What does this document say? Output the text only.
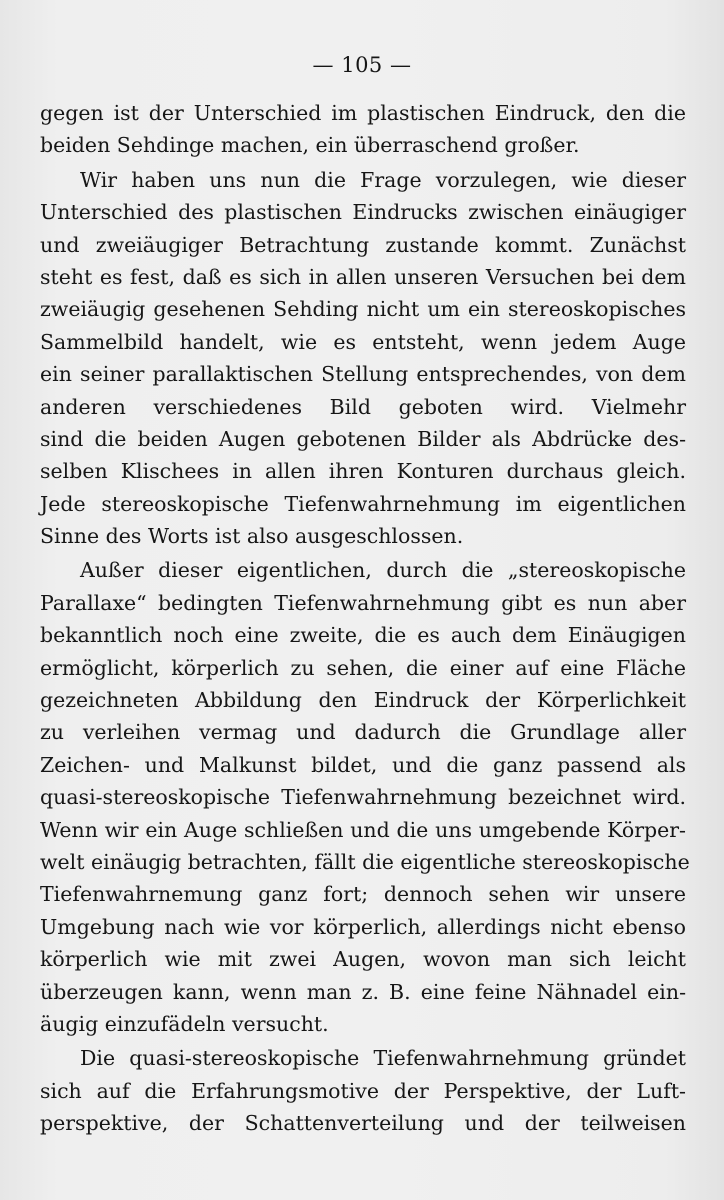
— 105 —
gegen ist der Unterschied im plastischen Eindruck, den die
beiden Sehdinge machen, ein überraschend großer.
Wir haben uns nun die Frage vorzulegen, wie dieser
Unterschied des plastischen Eindrucks zwischen einäugiger
und zweiäugiger Betrachtung zustande kommt. Zunächst
steht es fest, daß es sich in allen unseren Versuchen bei dem
zweiäugig gesehenen Sehding nicht um ein stereoskopisches
Sammelbild handelt, wie es entsteht, wenn jedem Auge
ein seiner parallaktischen Stellung entsprechendes, von dem
anderen verschiedenes Bild geboten wird. Vielmehr
sind die beiden Augen gebotenen Bilder als Abdrücke des-
selben Klischees in allen ihren Konturen durchaus gleich.
Jede stereoskopische Tiefenwahrnehmung im eigentlichen
Sinne des Worts ist also ausgeschlossen.
Außer dieser eigentlichen, durch die „stereoskopische
Parallaxe“ bedingten Tiefenwahrnehmung gibt es nun aber
bekanntlich noch eine zweite, die es auch dem Einäugigen
ermöglicht, körperlich zu sehen, die einer auf eine Fläche
gezeichneten Abbildung den Eindruck der Körperlichkeit
zu verleihen vermag und dadurch die Grundlage aller
Zeichen- und Malkunst bildet, und die ganz passend als
quasi-stereoskopische Tiefenwahrnehmung bezeichnet wird.
Wenn wir ein Auge schließen und die uns umgebende Körper-
welt einäugig betrachten, fällt die eigentliche stereoskopische
Tiefenwahrnemung ganz fort; dennoch sehen wir unsere
Umgebung nach wie vor körperlich, allerdings nicht ebenso
körperlich wie mit zwei Augen, wovon man sich leicht
überzeugen kann, wenn man z. B. eine feine Nähnadel ein-
äugig einzufädeln versucht.
Die quasi-stereoskopische Tiefenwahrnehmung gründet
sich auf die Erfahrungsmotive der Perspektive, der Luft-
perspektive, der Schattenverteilung und der teilweisen
